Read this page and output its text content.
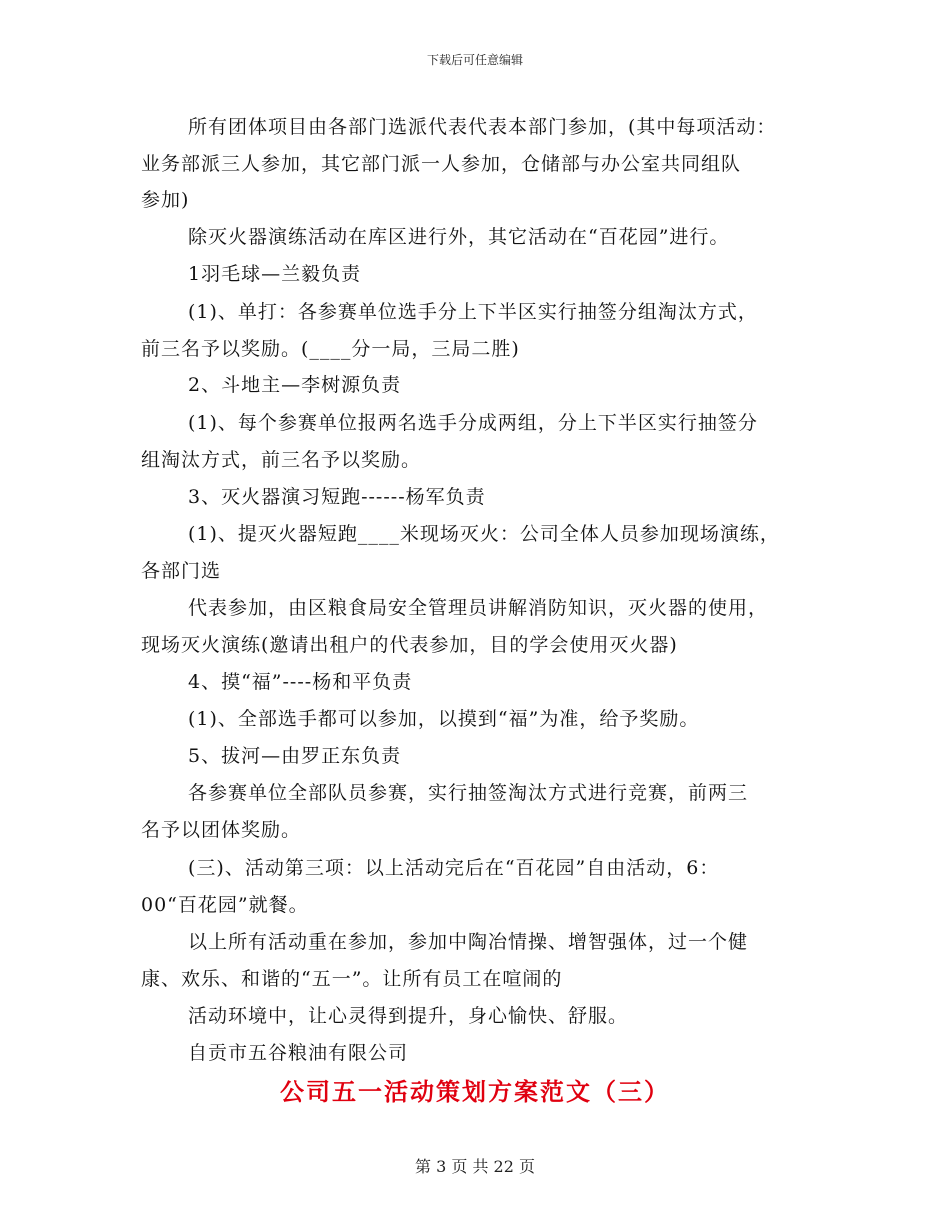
下载后可任意编辑
所有团体项目由各部门选派代表代表本部门参加，(其中每项活动：
业务部派三人参加，其它部门派一人参加，仓储部与办公室共同组队
参加)
除灭火器演练活动在库区进行外，其它活动在“百花园”进行。
1羽毛球—兰毅负责
(1)、单打：各参赛单位选手分上下半区实行抽签分组淘汰方式，
前三名予以奖励。(____分一局，三局二胜)
2、斗地主—李树源负责
(1)、每个参赛单位报两名选手分成两组，分上下半区实行抽签分
组淘汰方式，前三名予以奖励。
3、灭火器演习短跑------杨军负责
(1)、提灭火器短跑____米现场灭火：公司全体人员参加现场演练，
各部门选
代表参加，由区粮食局安全管理员讲解消防知识，灭火器的使用，
现场灭火演练(邀请出租户的代表参加，目的学会使用灭火器)
4、摸“福”----杨和平负责
(1)、全部选手都可以参加，以摸到“福”为准，给予奖励。
5、拔河—由罗正东负责
各参赛单位全部队员参赛，实行抽签淘汰方式进行竞赛，前两三
名予以团体奖励。
(三)、活动第三项：以上活动完后在“百花园”自由活动，6：
00“百花园”就餐。
以上所有活动重在参加，参加中陶冶情操、增智强体，过一个健
康、欢乐、和谐的“五一”。让所有员工在喧闹的
活动环境中，让心灵得到提升，身心愉快、舒服。
自贡市五谷粮油有限公司
公司五一活动策划方案范文（三）
第 3 页 共 22 页
